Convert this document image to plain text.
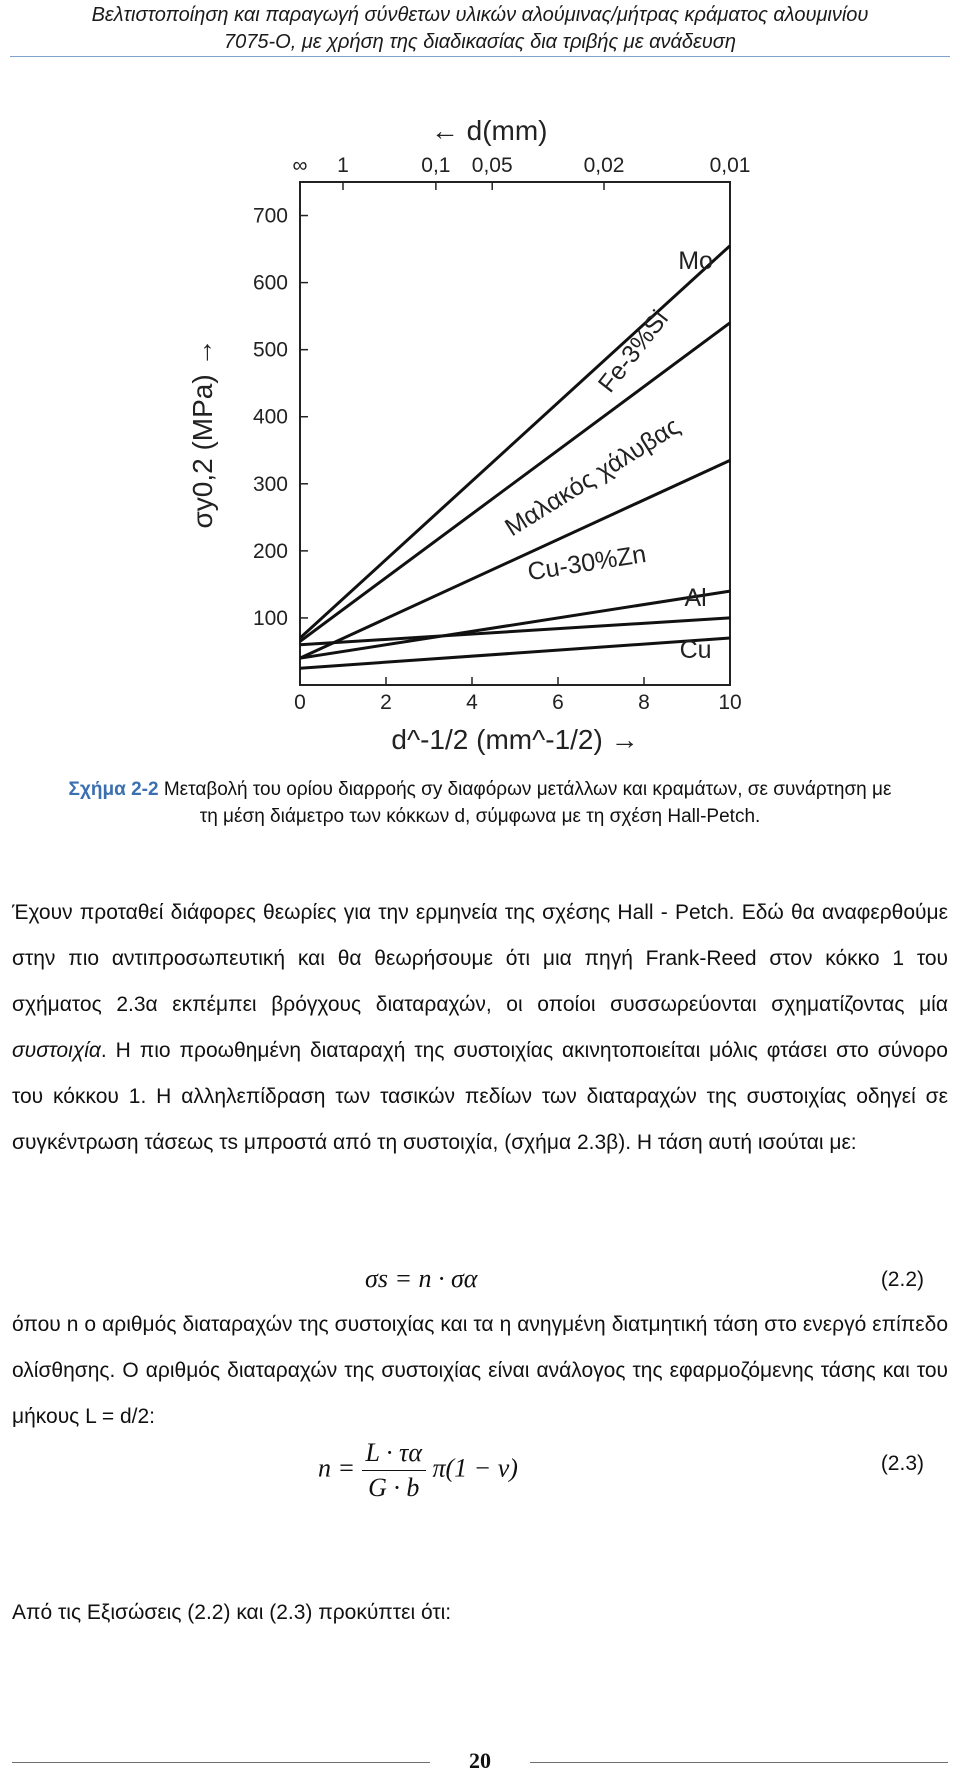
Βελτιστοποίηση και παραγωγή σύνθετων υλικών αλούμινας/μήτρας κράματος αλουμινίου
7075-O, με χρήση της διαδικασίας δια τριβής με ανάδευση
0	2	4	6	8	10
100
200
300
400
500
600
700
∞ 1	0,1 0,05	0,02	0,01
Mo
Fe-3%Si
Μαλακός χάλυβας
Cu-30%Zn
Al
Cu
d^-1/2 (mm^-1/2) →
σy0,2 (MPa) →
← d(mm)
Σχήμα 2-2 Μεταβολή του ορίου διαρροής σy διαφόρων μετάλλων και κραμάτων, σε συνάρτηση με τη μέση διάμετρο των κόκκων d, σύμφωνα με τη σχέση Hall-Petch.
Έχουν προταθεί διάφορες θεωρίες για την ερμηνεία της σχέσης Hall - Petch. Εδώ θα αναφερθούμε στην πιο αντιπροσωπευτική και θα θεωρήσουμε ότι μια πηγή Frank-Reed στον κόκκο 1 του σχήματος 2.3α εκπέμπει βρόγχους διαταραχών, οι οποίοι συσσωρεύονται σχηματίζοντας μία συστοιχία. Η πιο προωθημένη διαταραχή της συστοιχίας ακινητοποιείται μόλις φτάσει στο σύνορο του κόκκου 1. Η αλληλεπίδραση των τασικών πεδίων των διαταραχών της συστοιχίας οδηγεί σε συγκέντρωση τάσεως τs μπροστά από τη συστοιχία, (σχήμα 2.3β). Η τάση αυτή ισούται με:
σs = n · σα	(2.2)
όπου n ο αριθμός διαταραχών της συστοιχίας και τα η ανηγμένη διατμητική τάση στο ενεργό επίπεδο ολίσθησης. Ο αριθμός διαταραχών της συστοιχίας είναι ανάλογος της εφαρμοζόμενης τάσης και του μήκους L = d/2:
$n = \frac{L \cdot \tau\alpha}{G \cdot b} \pi(1 - \nu)$	(2.3)
Από τις Εξισώσεις (2.2) και (2.3) προκύπτει ότι:
20
